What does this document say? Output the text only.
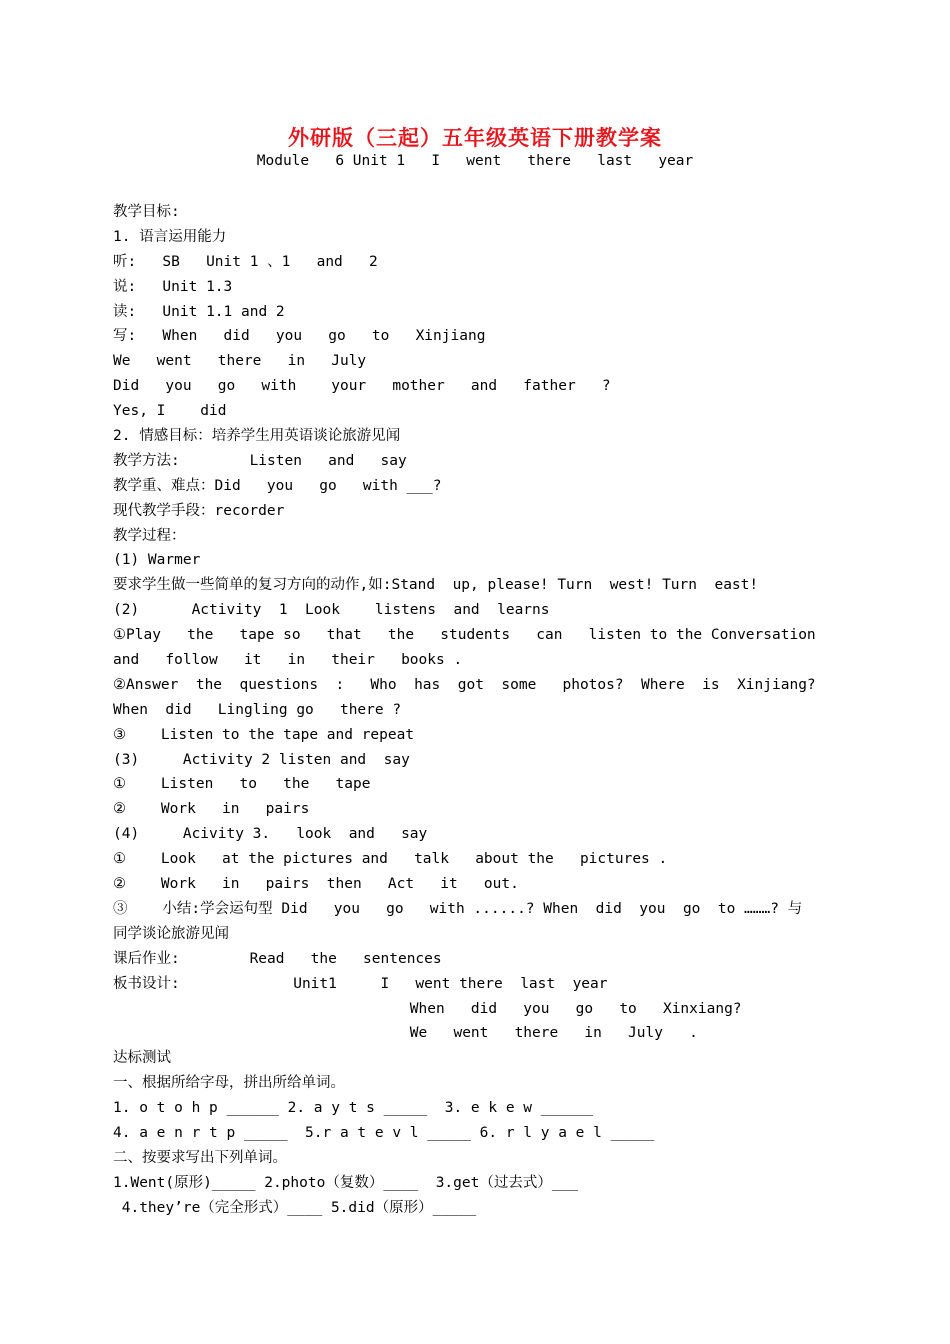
外研版（三起）五年级英语下册教学案
Module   6 Unit 1   I   went   there   last   year
教学目标:
1. 语言运用能力
听:   SB   Unit 1 、1   and   2
说:   Unit 1.3
读:   Unit 1.1 and 2
写:   When   did   you   go   to   Xinjiang
We   went   there   in   July
Did   you   go   with    your   mother   and   father   ?
Yes, I    did
2. 情感目标：培养学生用英语谈论旅游见闻
教学方法:        Listen   and   say
教学重、难点：Did   you   go   with ___?
现代教学手段：recorder
教学过程：
(1) Warmer
要求学生做一些简单的复习方向的动作,如:Stand  up, please! Turn  west! Turn  east!
(2)      Activity  1  Look    listens  and  learns
①Play   the   tape so   that   the   students   can   listen to the Conversation
and   follow   it   in   their   books .
②Answer  the  questions  :   Who  has  got  some   photos?  Where  is  Xinjiang?
When  did   Lingling go   there ?
③    Listen to the tape and repeat
(3)     Activity 2 listen and  say
①    Listen   to   the   tape
②    Work   in   pairs
(4)     Acivity 3.   look  and   say
①    Look   at the pictures and   talk   about the   pictures .
②    Work   in   pairs  then   Act   it   out.
③    小结:学会运句型 Did   you   go   with ......? When  did  you  go  to ………? 与
同学谈论旅游见闻
课后作业:        Read   the   sentences
板书设计:             Unit1     I   went there  last  year
When   did   you   go   to   Xinxiang?
We   went   there   in   July   .
达标测试
一、根据所给字母，拼出所给单词。
1. o t o h p ______ 2. a y t s _____  3. e k e w ______
4. a e n r t p _____  5.r a t e v l _____ 6. r l y a e l _____
二、按要求写出下列单词。
1.Went(原形)_____ 2.photo（复数）____  3.get（过去式）___
4.they’re（完全形式）____ 5.did（原形）_____
